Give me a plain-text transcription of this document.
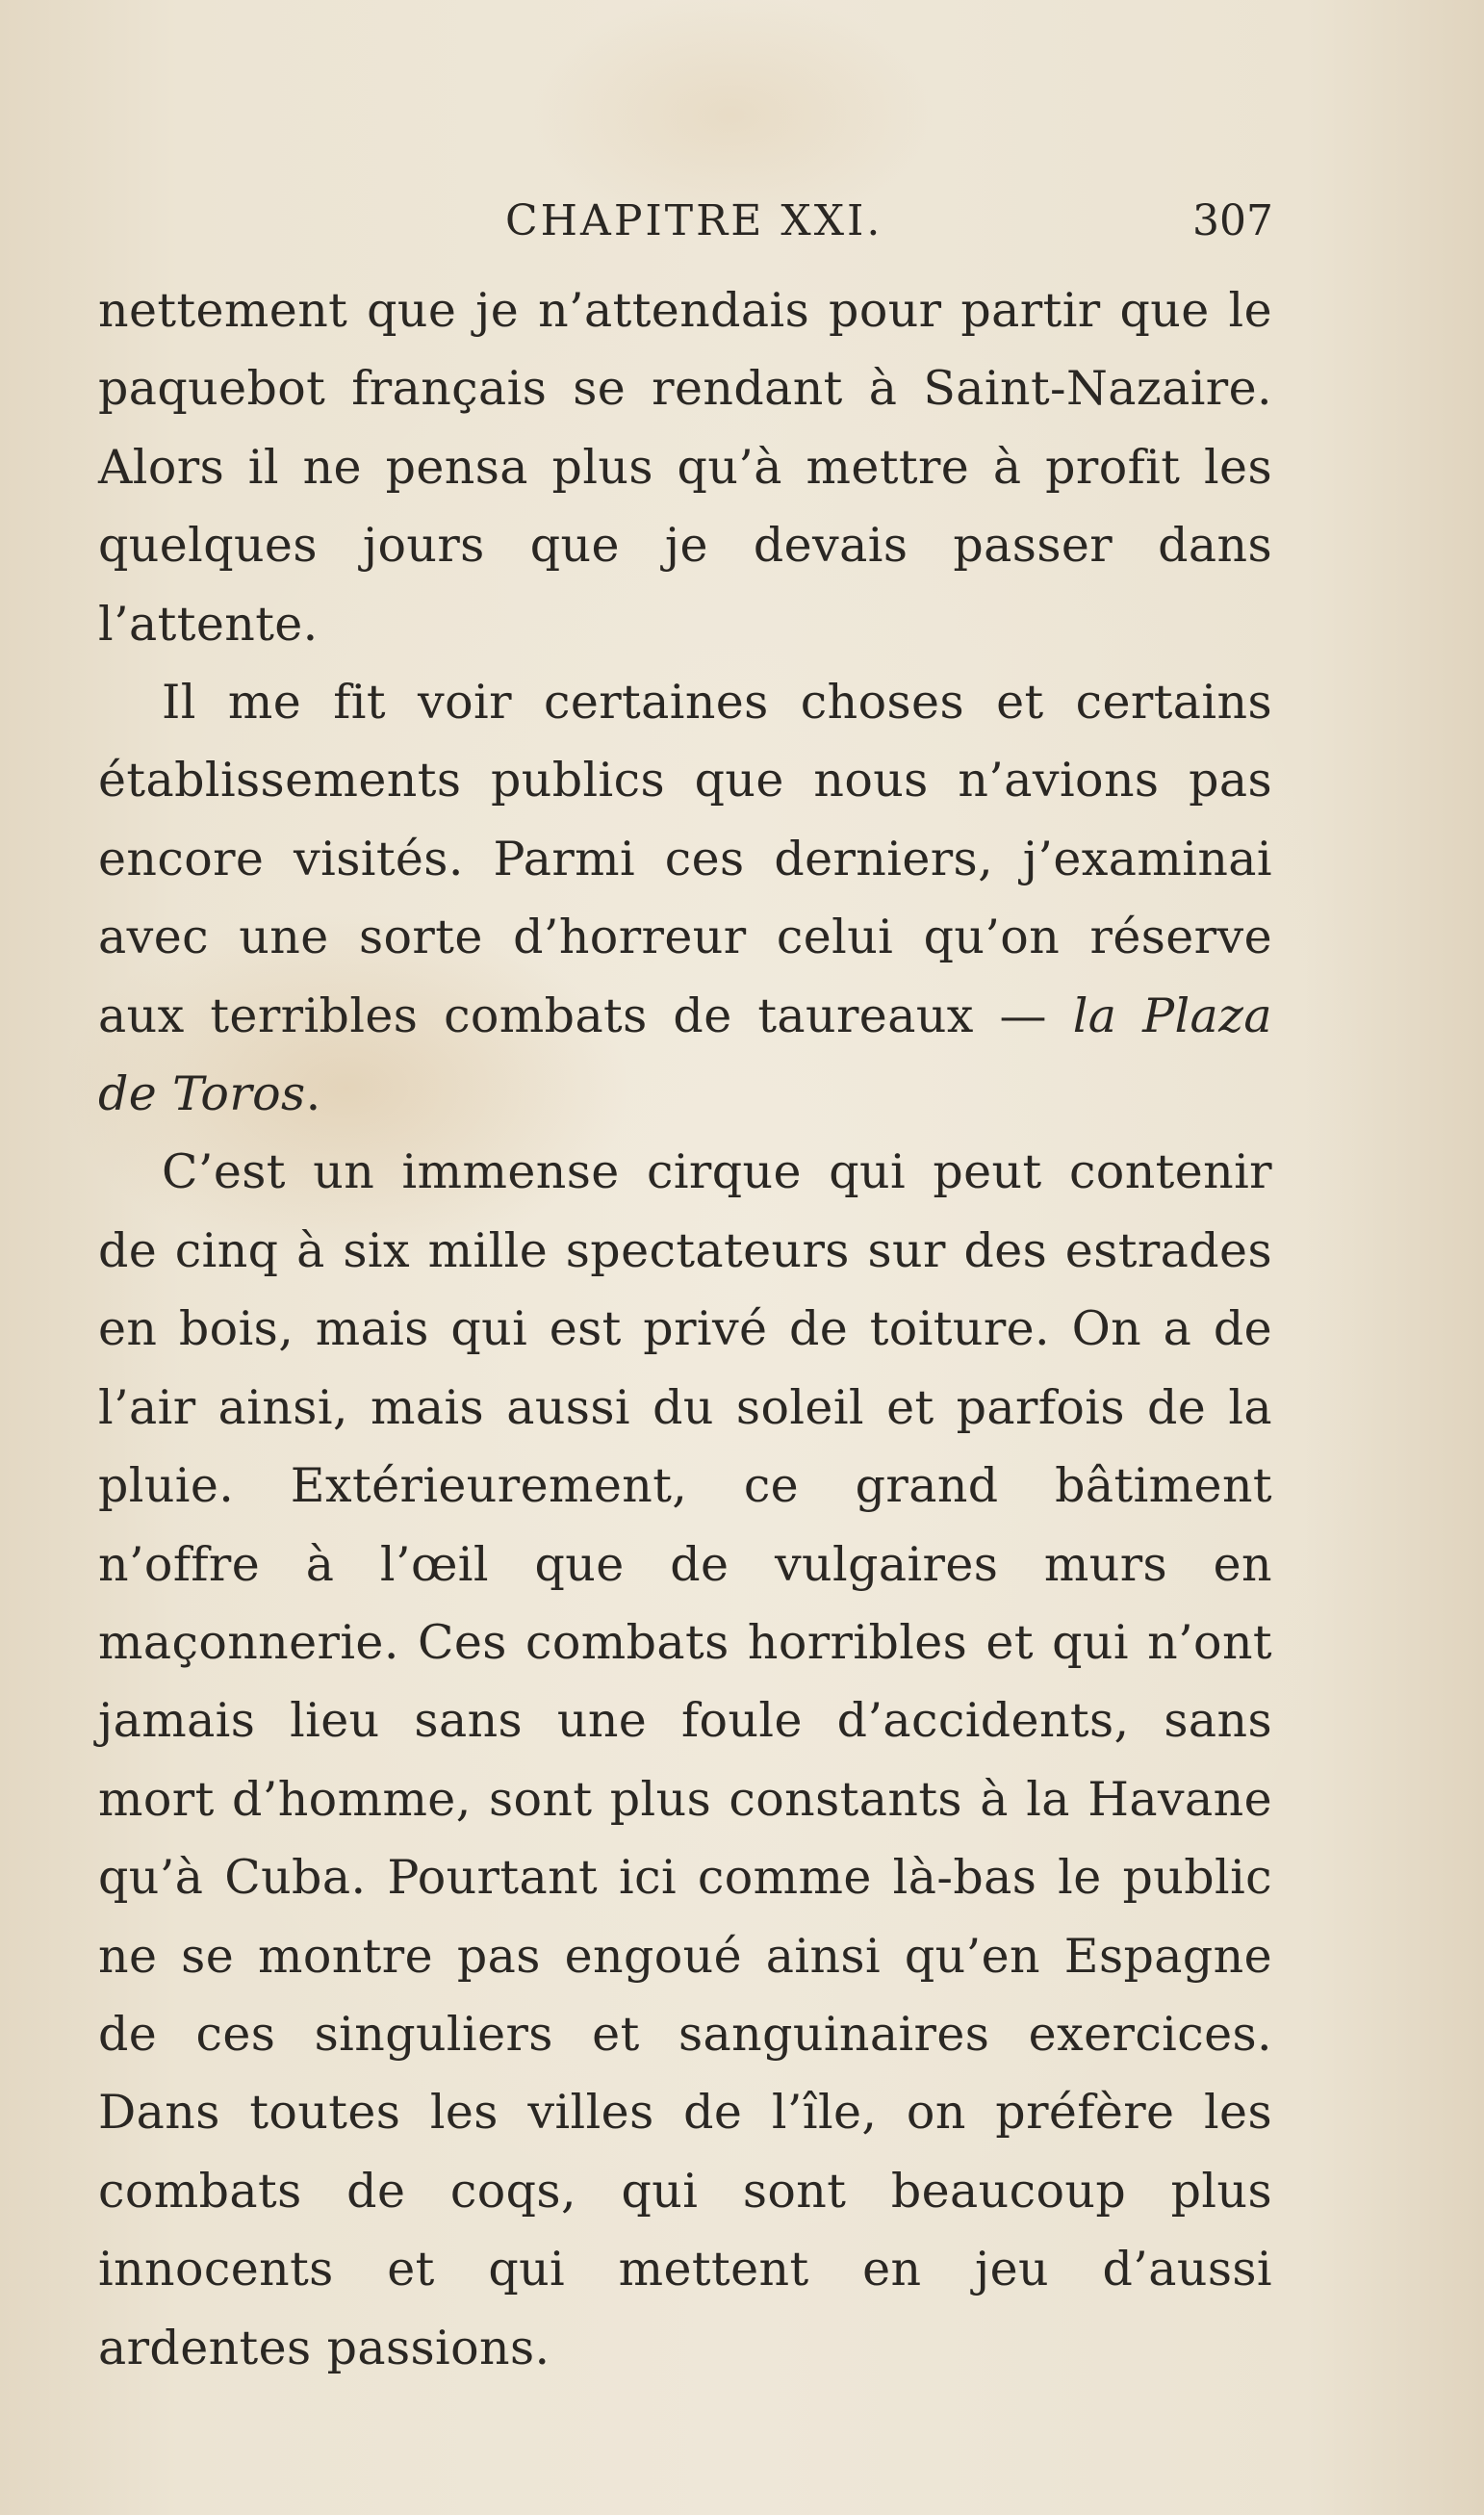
CHAPITRE XXI.	307

nettement que je n’attendais pour partir que le paquebot français se rendant à Saint-Nazaire. Alors il ne pensa plus qu’à mettre à profit les quelques jours que je devais passer dans l’attente.

Il me fit voir certaines choses et certains établissements publics que nous n’avions pas encore visités. Parmi ces derniers, j’examinai avec une sorte d’horreur celui qu’on réserve aux terribles combats de taureaux — la Plaza de Toros.

C’est un immense cirque qui peut contenir de cinq à six mille spectateurs sur des estrades en bois, mais qui est privé de toiture. On a de l’air ainsi, mais aussi du soleil et parfois de la pluie. Extérieurement, ce grand bâtiment n’offre à l’œil que de vulgaires murs en maçonnerie. Ces combats horribles et qui n’ont jamais lieu sans une foule d’accidents, sans mort d’homme, sont plus constants à la Havane qu’à Cuba. Pourtant ici comme là-bas le public ne se montre pas engoué ainsi qu’en Espagne de ces singuliers et sanguinaires exercices. Dans toutes les villes de l’île, on préfère les combats de coqs, qui sont beaucoup plus innocents et qui mettent en jeu d’aussi ardentes passions.
